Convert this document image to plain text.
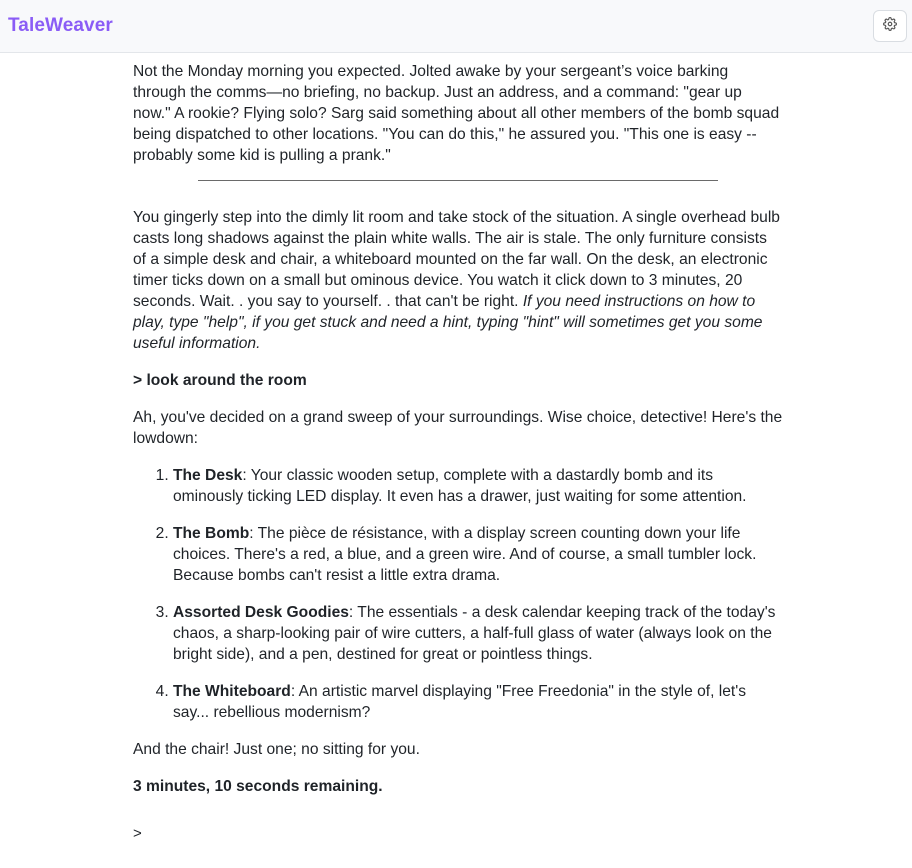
TaleWeaver

Not the Monday morning you expected. Jolted awake by your sergeant’s voice barking through the comms—no briefing, no backup. Just an address, and a command: "gear up now." A rookie? Flying solo? Sarg said something about all other members of the bomb squad being dispatched to other locations. "You can do this," he assured you. "This one is easy -- probably some kid is pulling a prank."

You gingerly step into the dimly lit room and take stock of the situation. A single overhead bulb casts long shadows against the plain white walls. The air is stale. The only furniture consists of a simple desk and chair, a whiteboard mounted on the far wall. On the desk, an electronic timer ticks down on a small but ominous device. You watch it click down to 3 minutes, 20 seconds. Wait. . you say to yourself. . that can't be right. If you need instructions on how to play, type "help", if you get stuck and need a hint, typing "hint" will sometimes get you some useful information.

> look around the room

Ah, you've decided on a grand sweep of your surroundings. Wise choice, detective! Here's the lowdown:

1. The Desk: Your classic wooden setup, complete with a dastardly bomb and its ominously ticking LED display. It even has a drawer, just waiting for some attention.
2. The Bomb: The pièce de résistance, with a display screen counting down your life choices. There's a red, a blue, and a green wire. And of course, a small tumbler lock. Because bombs can't resist a little extra drama.
3. Assorted Desk Goodies: The essentials - a desk calendar keeping track of the today's chaos, a sharp-looking pair of wire cutters, a half-full glass of water (always look on the bright side), and a pen, destined for great or pointless things.
4. The Whiteboard: An artistic marvel displaying "Free Freedonia" in the style of, let's say... rebellious modernism?

And the chair! Just one; no sitting for you.

3 minutes, 10 seconds remaining.

>
